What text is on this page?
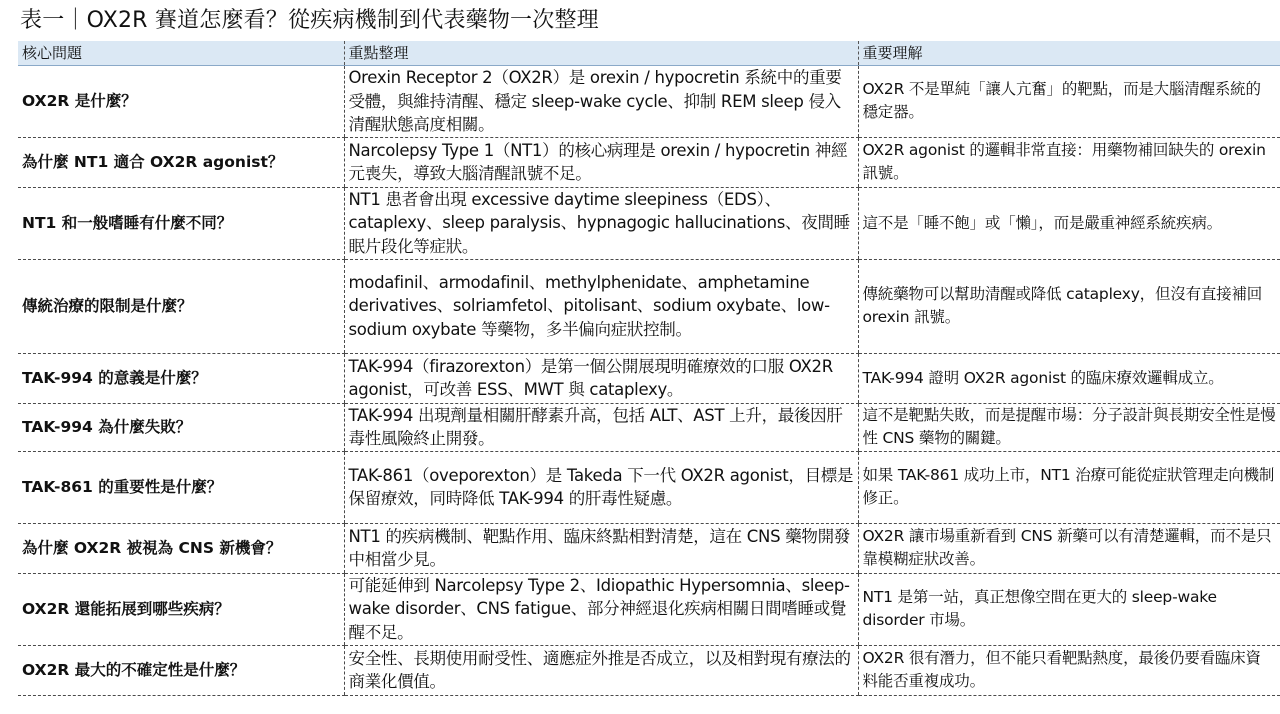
表一｜OX2R 賽道怎麼看？從疾病機制到代表藥物一次整理
核心問題	重點整理	重要理解
OX2R 是什麼？	Orexin Receptor 2（OX2R）是 orexin / hypocretin 系統中的重要受體，與維持清醒、穩定 sleep-wake cycle、抑制 REM sleep 侵入清醒狀態高度相關。	OX2R 不是單純「讓人亢奮」的靶點，而是大腦清醒系統的穩定器。
為什麼 NT1 適合 OX2R agonist？	Narcolepsy Type 1（NT1）的核心病理是 orexin / hypocretin 神經元喪失，導致大腦清醒訊號不足。	OX2R agonist 的邏輯非常直接：用藥物補回缺失的 orexin 訊號。
NT1 和一般嗜睡有什麼不同？	NT1 患者會出現 excessive daytime sleepiness（EDS）、cataplexy、sleep paralysis、hypnagogic hallucinations、夜間睡眠片段化等症狀。	這不是「睡不飽」或「懶」，而是嚴重神經系統疾病。
傳統治療的限制是什麼？	modafinil、armodafinil、methylphenidate、amphetamine derivatives、solriamfetol、pitolisant、sodium oxybate、low-sodium oxybate 等藥物，多半偏向症狀控制。	傳統藥物可以幫助清醒或降低 cataplexy，但沒有直接補回 orexin 訊號。
TAK-994 的意義是什麼？	TAK-994（firazorexton）是第一個公開展現明確療效的口服 OX2R agonist，可改善 ESS、MWT 與 cataplexy。	TAK-994 證明 OX2R agonist 的臨床療效邏輯成立。
TAK-994 為什麼失敗？	TAK-994 出現劑量相關肝酵素升高，包括 ALT、AST 上升，最後因肝毒性風險終止開發。	這不是靶點失敗，而是提醒市場：分子設計與長期安全性是慢性 CNS 藥物的關鍵。
TAK-861 的重要性是什麼？	TAK-861（oveporexton）是 Takeda 下一代 OX2R agonist，目標是保留療效，同時降低 TAK-994 的肝毒性疑慮。	如果 TAK-861 成功上市，NT1 治療可能從症狀管理走向機制修正。
為什麼 OX2R 被視為 CNS 新機會？	NT1 的疾病機制、靶點作用、臨床終點相對清楚，這在 CNS 藥物開發中相當少見。	OX2R 讓市場重新看到 CNS 新藥可以有清楚邏輯，而不是只靠模糊症狀改善。
OX2R 還能拓展到哪些疾病？	可能延伸到 Narcolepsy Type 2、Idiopathic Hypersomnia、sleep-wake disorder、CNS fatigue、部分神經退化疾病相關日間嗜睡或覺醒不足。	NT1 是第一站，真正想像空間在更大的 sleep-wake disorder 市場。
OX2R 最大的不確定性是什麼？	安全性、長期使用耐受性、適應症外推是否成立，以及相對現有療法的商業化價值。	OX2R 很有潛力，但不能只看靶點熱度，最後仍要看臨床資料能否重複成功。
